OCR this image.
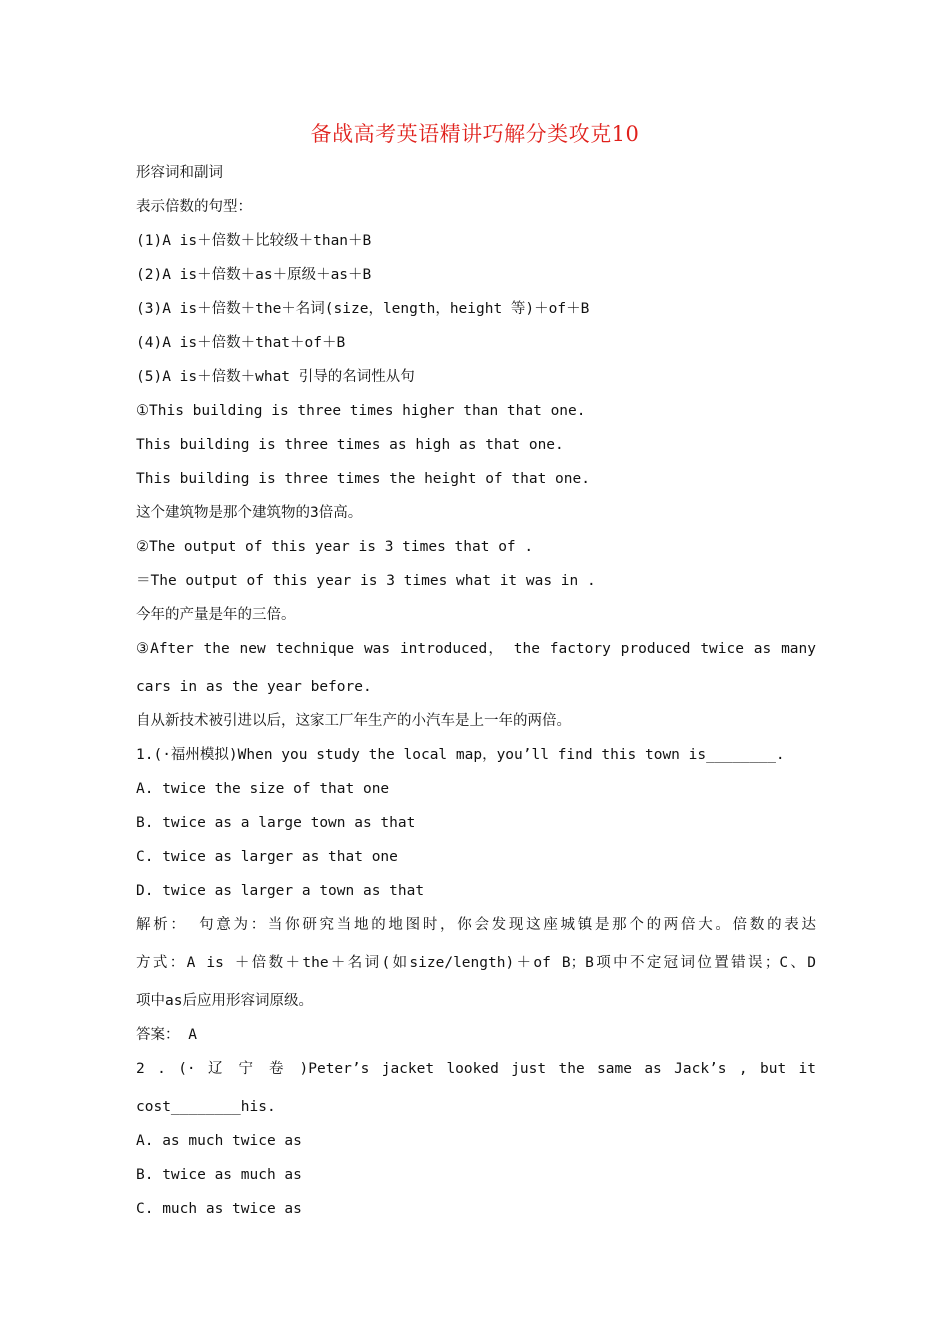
备战高考英语精讲巧解分类攻克10
形容词和副词
表示倍数的句型：
(1)A is＋倍数＋比较级＋than＋B
(2)A is＋倍数＋as＋原级＋as＋B
(3)A is＋倍数＋the＋名词(size，length，height 等)＋of＋B
(4)A is＋倍数＋that＋of＋B
(5)A is＋倍数＋what 引导的名词性从句
①This building is three times higher than that one.
This building is three times as high as that one.
This building is three times the height of that one.
这个建筑物是那个建筑物的3倍高。
②The output of this year is 3 times that of .
＝The output of this year is 3 times what it was in .
今年的产量是年的三倍。
③After the new technique was introduced， the factory produced twice as many
cars in as the year before.
自从新技术被引进以后，这家工厂年生产的小汽车是上一年的两倍。
1.(·福州模拟)When you study the local map，you’ll find this town is________.
A. twice the size of that one
B. twice as a large town as that
C. twice as larger as that one
D. twice as larger a town as that
解析： 句意为：当你研究当地的地图时，你会发现这座城镇是那个的两倍大。倍数的表达
方式：A is ＋倍数＋the＋名词(如size/length)＋of B；B项中不定冠词位置错误；C、D
项中as后应用形容词原级。
答案： A
2 . (· 辽 宁 卷 )Peter’s jacket looked just the same as Jack’s , but it
cost________his.
A. as much twice as
B. twice as much as
C. much as twice as
